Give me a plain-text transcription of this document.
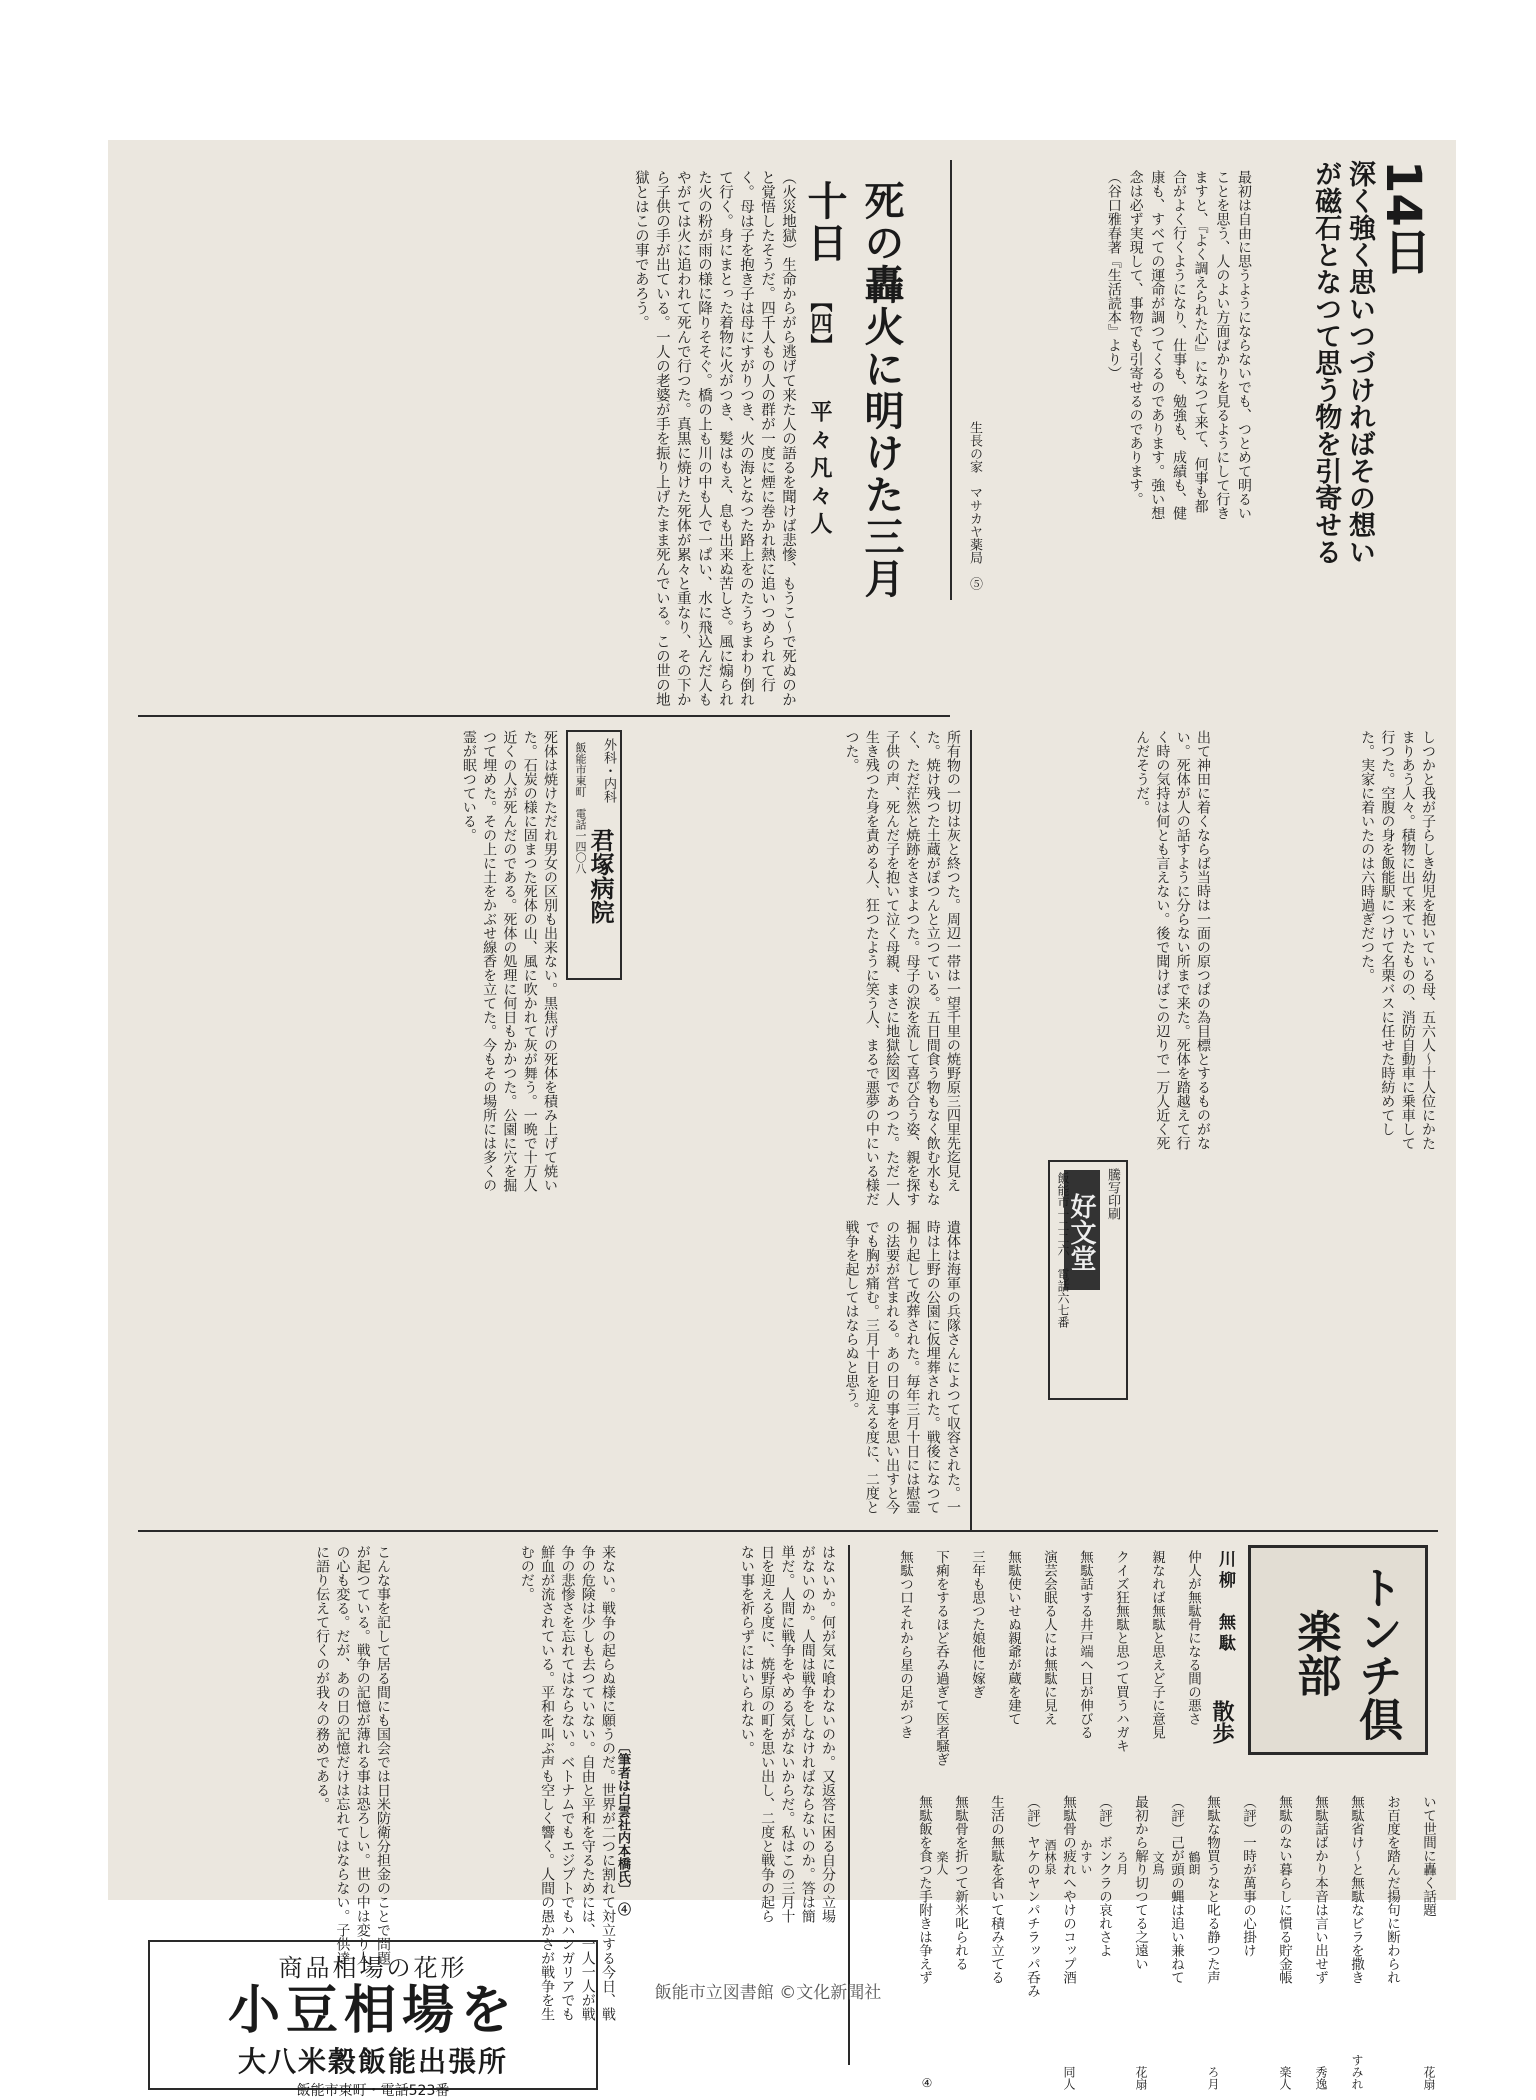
14日
深く強く思いつづければその想いが磁石となつて思う物を引寄せる
最初は自由に思うようにならないでも、つとめて明るいことを思う、人のよい方面ばかりを見るようにして行きますと、『よく調えられた心』になつて来て、何事も都合がよく行くようになり、仕事も、勉強も、成績も、健康も、すべての運命が調つてくるのであります。強い想念は必ず実現して、事物でも引寄せるのであります。（谷口雅春著『生活読本』より）
生長の家　マサカヤ薬局　⑤
死の轟火に明けた三月十日
【四】
平々凡々人
（火災地獄）生命からがら逃げて来た人の語るを聞けば悲惨、もうこ〜で死ぬのかと覚悟したそうだ。四千人もの人の群が一度に煙に巻かれ熱に追いつめられて行く。母は子を抱き子は母にすがりつき、火の海となつた路上をのたうちまわり倒れて行く。身にまとった着物に火がつき、髪はもえ、息も出来ぬ苦しさ。風に煽られた火の粉が雨の様に降りそそぐ。橋の上も川の中も人で一ぱい、水に飛込んだ人もやがては火に追われて死んで行つた。真黒に焼けた死体が累々と重なり、その下から子供の手が出ている。一人の老婆が手を振り上げたまま死んでいる。この世の地獄とはこの事であろう。
しつかと我が子らしき幼児を抱いている母、五六人〜十人位にかたまりあう人々。積物に出て来ていたものの、消防自動車に乗車して行つた。空腹の身を飯能駅につけて名栗バスに任せた時紡めてした。実家に着いたのは六時過ぎだつた。
出て神田に着くならば当時は一面の原つぱの為目標とするものがない。死体が人の話すように分らない所まで来た。死体を踏越えて行く時の気持は何とも言えない。後で聞けばこの辺りで一万人近く死んだそうだ。
所有物の一切は灰と終つた。周辺一帯は一望千里の焼野原三四里先迄見えた。焼け残つた土蔵がぽつんと立つている。五日間食う物もなく飲む水もなく、ただ茫然と焼跡をさまよつた。母子の涙を流して喜び合う姿、親を探す子供の声、死んだ子を抱いて泣く母親、まさに地獄絵図であつた。ただ一人生き残つた身を責める人、狂つたように笑う人、まるで悪夢の中にいる様だつた。
外科・内科
君塚病院
飯能市東町　電話一四〇八
死体は焼けただれ男女の区別も出来ない。黒焦げの死体を積み上げて焼いた。石炭の様に固まつた死体の山、風に吹かれて灰が舞う。一晩で十万人近くの人が死んだのである。死体の処理に何日もかかつた。公園に穴を掘つて埋めた。その上に土をかぶせ線香を立てた。今もその場所には多くの霊が眠つている。
騰写印刷
好文堂
飯能市一二二六　電話六七番
遺体は海軍の兵隊さんによつて収容された。一時は上野の公園に仮埋葬された。戦後になつて掘り起して改葬された。毎年三月十日には慰霊の法要が営まれる。あの日の事を思い出すと今でも胸が痛む。三月十日を迎える度に、二度と戦争を起してはならぬと思う。
来ない。戦争の起らぬ様に願うのだ。世界が二つに割れて対立する今日、戦争の危険は少しも去つていない。自由と平和を守るためには、一人一人が戦争の悲惨さを忘れてはならない。ベトナムでもエジプトでもハンガリアでも鮮血が流されている。平和を叫ぶ声も空しく響く。人間の愚かさが戦争を生むのだ。
こんな事を記して居る間にも国会では日米防衛分担金のことで問題が起つている。戦争の記憶が薄れる事は恐ろしい。世の中は変り人の心も変る。だが、あの日の記憶だけは忘れてはならない。子供達に語り伝えて行くのが我々の務めである。	はないか。何が気に喰わないのか。又返答に困る自分の立場がないのか。人間は戦争をしなければならないのか。答は簡単だ。人間に戦争をやめる気がないからだ。私はこの三月十日を迎える度に、焼野原の町を思い出し、二度と戦争の起らない事を祈らずにはいられない。
〔筆者は白雲社内本橋氏〕　④
商品相場の花形
小豆相場を
大八米穀飯能出張所
飯能市東町・電話523番
トンチ倶楽部
散歩
川柳　無駄
仲人が無駄骨になる間の悪さ
鶴朗
親なれば無駄と思えど子に意見
文鳥
クイズ狂無駄と思つて買うハガキ
ろ月
無駄話する井戸端へ日が伸びる
かすい
演芸会眠る人には無駄に見え
酒林泉
無駄使いせぬ親爺が蔵を建て
三年も思つた娘他に嫁ぎ
下痢をするほど呑み過ぎて医者騒ぎ
楽人
無駄つ口それから星の足がつき
いて世間に轟く話題
花扇
お百度を踏んだ揚句に断わられ
無駄省け〜と無駄なビラを撒き
すみれ
無駄話ばかり本音は言い出せず
秀逸
無駄のない暮らしに慣る貯金帳
楽人
（評）一時が萬事の心掛け
無駄な物買うなと叱る静つた声
ろ月
（評）己が頭の蝿は追い兼ねて
最初から解り切つてる之遠い
花扇
（評）ボンクラの哀れさよ
無駄骨の疲れへやけのコップ酒
同人
（評）ヤケのヤンパチラッパ呑み
生活の無駄を省いて積み立てる
無駄骨を折つて新米叱られる
無駄飯を食つた手附きは争えず
④
飯能市立図書館 ©文化新聞社
